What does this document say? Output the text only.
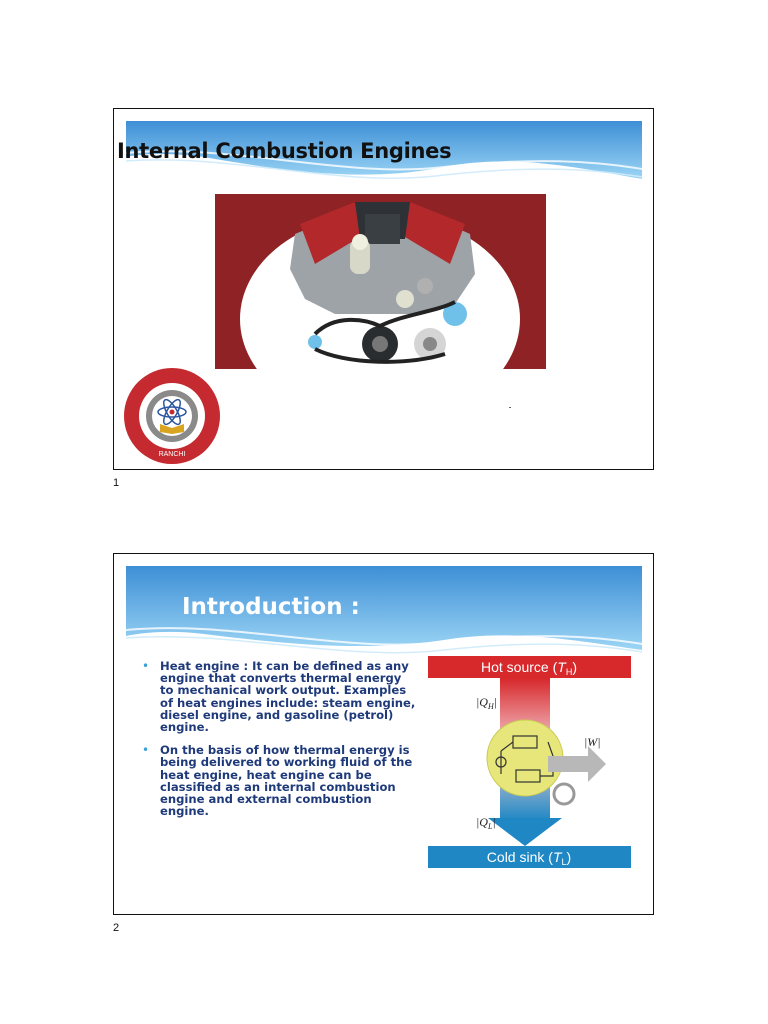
Internal Combustion Engines
RANCHI
1
Introduction :
• Heat engine : It can be defined as any engine that converts thermal energy to mechanical work output. Examples of heat engines include: steam engine, diesel engine, and gasoline (petrol) engine.
• On the basis of how thermal energy is being delivered to working fluid of the heat engine, heat engine can be classified as an internal combustion engine and external combustion engine.
Hot source $(T_H)$
$|Q_H|$
$|Q_L|$
|W|
Cold sink $(T_L)$
2
